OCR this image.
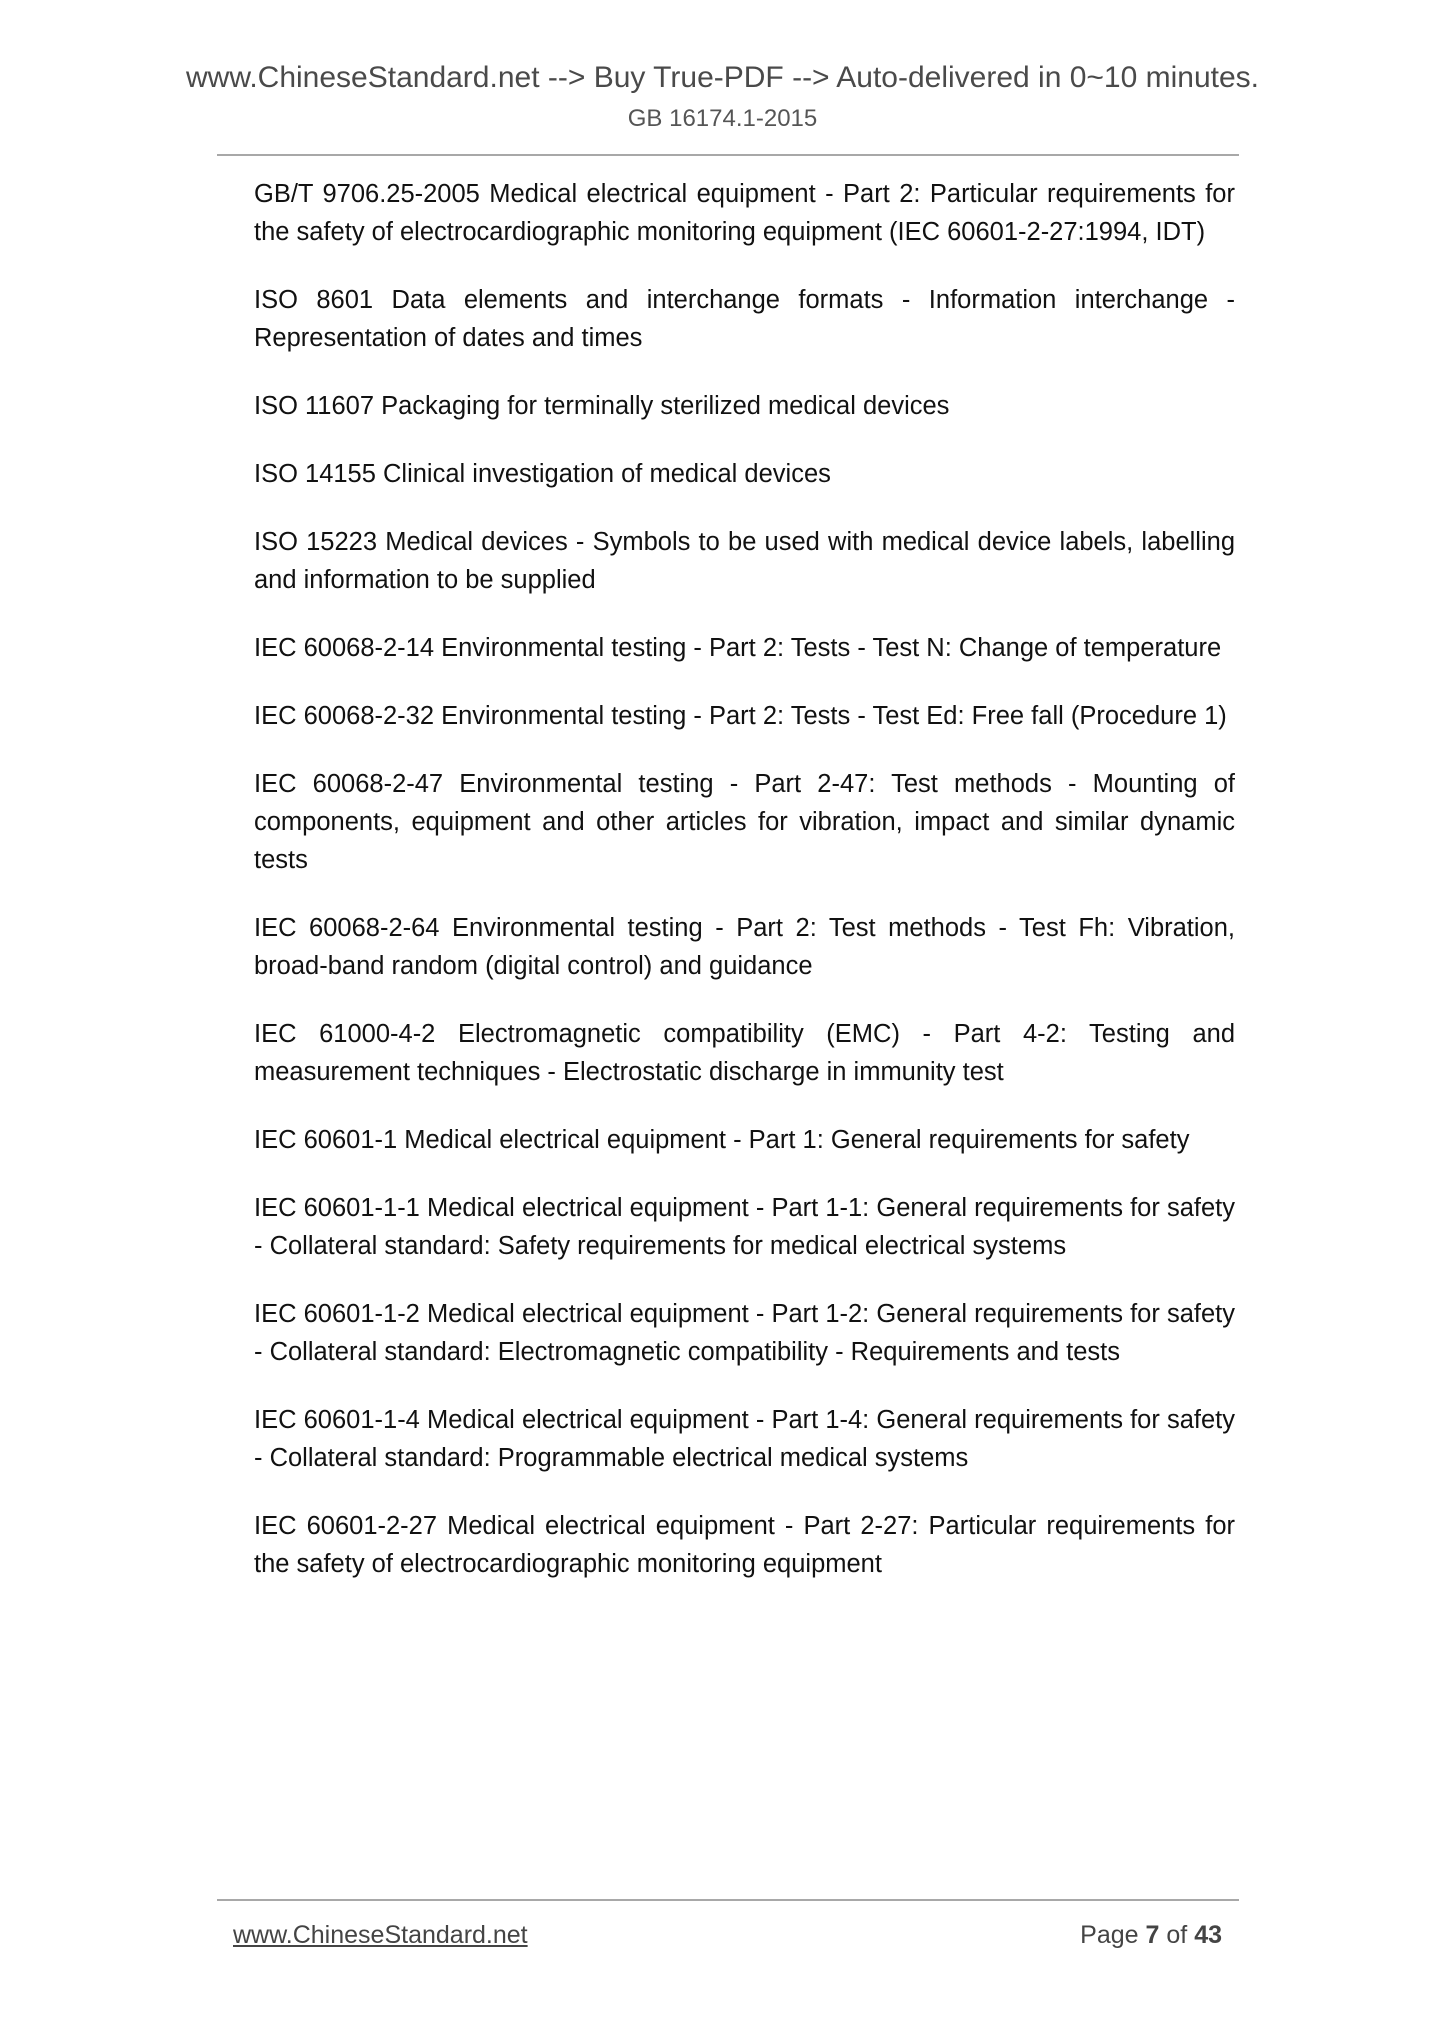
www.ChineseStandard.net --> Buy True-PDF --> Auto-delivered in 0~10 minutes.
GB 16174.1-2015

GB/T 9706.25-2005 Medical electrical equipment - Part 2: Particular requirements for the safety of electrocardiographic monitoring equipment (IEC 60601-2-27:1994, IDT)

ISO 8601 Data elements and interchange formats - Information interchange - Representation of dates and times

ISO 11607 Packaging for terminally sterilized medical devices

ISO 14155 Clinical investigation of medical devices

ISO 15223 Medical devices - Symbols to be used with medical device labels, labelling and information to be supplied

IEC 60068-2-14 Environmental testing - Part 2: Tests - Test N: Change of temperature

IEC 60068-2-32 Environmental testing - Part 2: Tests - Test Ed: Free fall (Procedure 1)

IEC 60068-2-47 Environmental testing - Part 2-47: Test methods - Mounting of components, equipment and other articles for vibration, impact and similar dynamic tests

IEC 60068-2-64 Environmental testing - Part 2: Test methods - Test Fh: Vibration, broad-band random (digital control) and guidance

IEC 61000-4-2 Electromagnetic compatibility (EMC) - Part 4-2: Testing and measurement techniques - Electrostatic discharge in immunity test

IEC 60601-1 Medical electrical equipment - Part 1: General requirements for safety

IEC 60601-1-1 Medical electrical equipment - Part 1-1: General requirements for safety - Collateral standard: Safety requirements for medical electrical systems

IEC 60601-1-2 Medical electrical equipment - Part 1-2: General requirements for safety - Collateral standard: Electromagnetic compatibility - Requirements and tests

IEC 60601-1-4 Medical electrical equipment - Part 1-4: General requirements for safety - Collateral standard: Programmable electrical medical systems

IEC 60601-2-27 Medical electrical equipment - Part 2-27: Particular requirements for the safety of electrocardiographic monitoring equipment

www.ChineseStandard.net	Page 7 of 43
